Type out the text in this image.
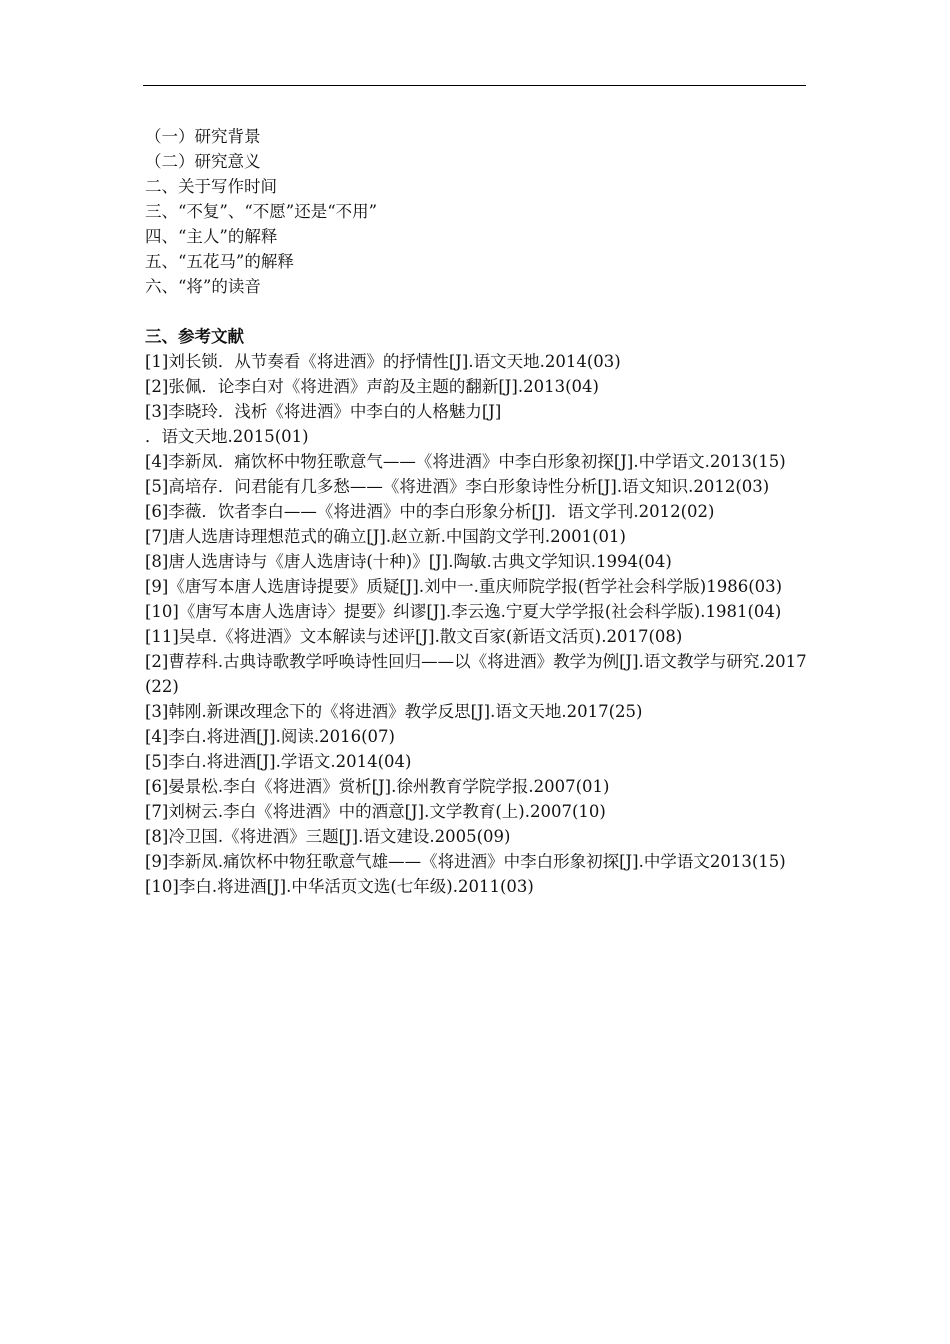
（一）研究背景
（二）研究意义
二、关于写作时间
三、“不复”、“不愿”还是“不用”
四、“主人”的解释
五、“五花马”的解释
六、“将”的读音
三、参考文献
[1]刘长锁．从节奏看《将进酒》的抒情性[J].语文天地.2014(03)
[2]张佩．论李白对《将进酒》声韵及主题的翻新[J].2013(04)
[3]李晓玲．浅析《将进酒》中李白的人格魅力[J]
．语文天地.2015(01)
[4]李新凤．痛饮杯中物狂歌意气——《将进酒》中李白形象初探[J].中学语文.2013(15)
[5]高培存．问君能有几多愁——《将进酒》李白形象诗性分析[J].语文知识.2012(03)
[6]李薇．饮者李白——《将进酒》中的李白形象分析[J]．语文学刊.2012(02)
[7]唐人选唐诗理想范式的确立[J].赵立新.中国韵文学刊.2001(01)
[8]唐人选唐诗与《唐人选唐诗(十种)》[J].陶敏.古典文学知识.1994(04)
[9]《唐写本唐人选唐诗提要》质疑[J].刘中一.重庆师院学报(哲学社会科学版)1986(03)
[10]《唐写本唐人选唐诗〉提要》纠谬[J].李云逸.宁夏大学学报(社会科学版).1981(04)
[11]吴卓.《将进酒》文本解读与述评[J].散文百家(新语文活页).2017(08)
[2]曹荐科.古典诗歌教学呼唤诗性回归——以《将进酒》教学为例[J].语文教学与研究.2017(22)
[3]韩刚.新课改理念下的《将进酒》教学反思[J].语文天地.2017(25)
[4]李白.将进酒[J].阅读.2016(07)
[5]李白.将进酒[J].学语文.2014(04)
[6]晏景松.李白《将进酒》赏析[J].徐州教育学院学报.2007(01)
[7]刘树云.李白《将进酒》中的酒意[J].文学教育(上).2007(10)
[8]冷卫国.《将进酒》三题[J].语文建设.2005(09)
[9]李新凤.痛饮杯中物狂歌意气雄——《将进酒》中李白形象初探[J].中学语文2013(15)
[10]李白.将进酒[J].中华活页文选(七年级).2011(03)
